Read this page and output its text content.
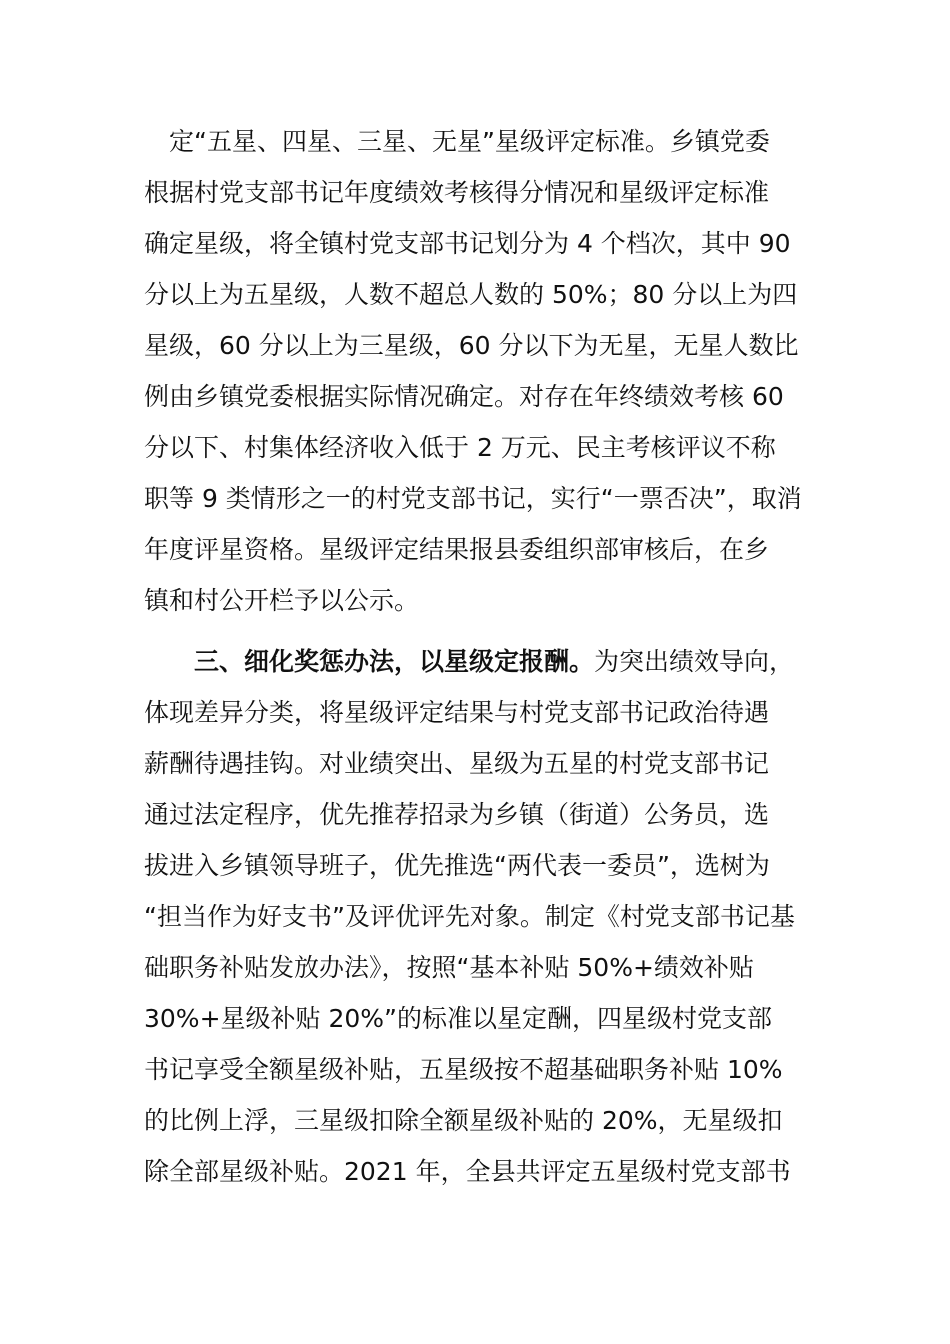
　定“五星、四星、三星、无星”星级评定标准。乡镇党委
根据村党支部书记年度绩效考核得分情况和星级评定标准
确定星级，将全镇村党支部书记划分为 4 个档次，其中 90
分以上为五星级，人数不超总人数的 50%；80 分以上为四
星级，60 分以上为三星级，60 分以下为无星，无星人数比
例由乡镇党委根据实际情况确定。对存在年终绩效考核 60
分以下、村集体经济收入低于 2 万元、民主考核评议不称
职等 9 类情形之一的村党支部书记，实行“一票否决”，取消
年度评星资格。星级评定结果报县委组织部审核后，在乡
镇和村公开栏予以公示。
三、细化奖惩办法，以星级定报酬。为突出绩效导向，
体现差异分类，将星级评定结果与村党支部书记政治待遇
薪酬待遇挂钩。对业绩突出、星级为五星的村党支部书记
通过法定程序，优先推荐招录为乡镇（街道）公务员，选
拔进入乡镇领导班子，优先推选“两代表一委员”，选树为
“担当作为好支书”及评优评先对象。制定《村党支部书记基
础职务补贴发放办法》，按照“基本补贴 50%+绩效补贴
30%+星级补贴 20%”的标准以星定酬，四星级村党支部
书记享受全额星级补贴，五星级按不超基础职务补贴 10%
的比例上浮，三星级扣除全额星级补贴的 20%，无星级扣
除全部星级补贴。2021 年，全县共评定五星级村党支部书
